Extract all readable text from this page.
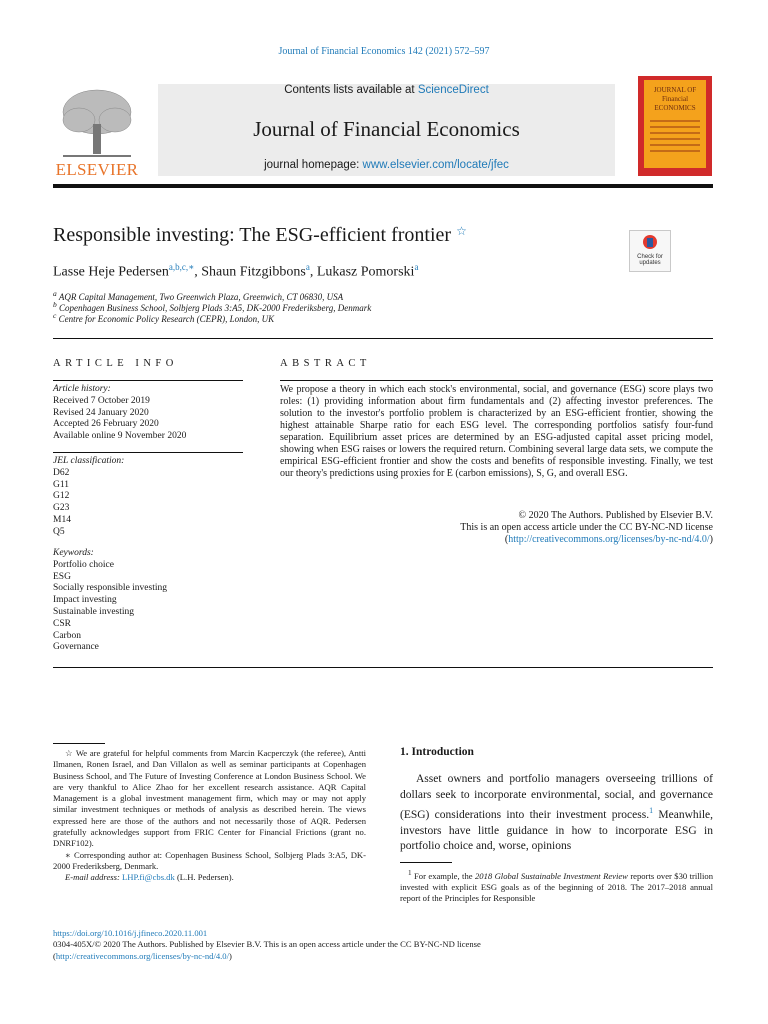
Journal of Financial Economics 142 (2021) 572–597
ELSEVIER
Contents lists available at ScienceDirect
Journal of Financial Economics
journal homepage: www.elsevier.com/locate/jfec
JOURNAL OF Financial ECONOMICS
Responsible investing: The ESG-efficient frontier ☆
Check for updates
Lasse Heje Pedersen$^{a,b,c,∗}$, Shaun Fitzgibbons$^a$, Lukasz Pomorski$^a$
$^a$ AQR Capital Management, Two Greenwich Plaza, Greenwich, CT 06830, USA
$^b$ Copenhagen Business School, Solbjerg Plads 3:A5, DK-2000 Frederiksberg, Denmark
$^c$ Centre for Economic Policy Research (CEPR), London, UK
ARTICLE INFO	ABSTRACT
Article history:
Received 7 October 2019
Revised 24 January 2020
Accepted 26 February 2020
Available online 9 November 2020
JEL classification:
D62
G11
G12
G23
M14
Q5
Keywords:
Portfolio choice
ESG
Socially responsible investing
Impact investing
Sustainable investing
CSR
Carbon
Governance
We propose a theory in which each stock's environmental, social, and governance (ESG) score plays two roles: (1) providing information about firm fundamentals and (2) affecting investor preferences. The solution to the investor's portfolio problem is characterized by an ESG-efficient frontier, showing the highest attainable Sharpe ratio for each ESG level. The corresponding portfolios satisfy four-fund separation. Equilibrium asset prices are determined by an ESG-adjusted capital asset pricing model, showing when ESG raises or lowers the required return. Combining several large data sets, we compute the empirical ESG-efficient frontier and show the costs and benefits of responsible investing. Finally, we test our theory's predictions using proxies for E (carbon emissions), S, G, and overall ESG.
© 2020 The Authors. Published by Elsevier B.V.
This is an open access article under the CC BY-NC-ND license
(http://creativecommons.org/licenses/by-nc-nd/4.0/)

☆ We are grateful for helpful comments from Marcin Kacperczyk (the referee), Antti Ilmanen, Ronen Israel, and Dan Villalon as well as seminar participants at Copenhagen Business School, and The Future of Investing Conference at London Business School. We are very thankful to Alice Zhao for her excellent research assistance. AQR Capital Management is a global investment management firm, which may or may not apply similar investment techniques or methods of analysis as described herein. The views expressed here are those of the authors and not necessarily those of AQR. Pedersen gratefully acknowledges support from FRIC Center for Financial Frictions (grant no. DNRF102).

∗ Corresponding author at: Copenhagen Business School, Solbjerg Plads 3:A5, DK-2000 Frederiksberg, Denmark.

E-mail address: LHP.fi@cbs.dk (L.H. Pedersen).

1. Introduction
Asset owners and portfolio managers overseeing trillions of dollars seek to incorporate environmental, social, and governance (ESG) considerations into their investment process.$^1$ Meanwhile, investors have little guidance in how to incorporate ESG in portfolio choice and, worse, opinions
$^1$ For example, the 2018 Global Sustainable Investment Review reports over $30 trillion invested with explicit ESG goals as of the beginning of 2018. The 2017–2018 annual report of the Principles for Responsible
https://doi.org/10.1016/j.jfineco.2020.11.001
0304-405X/© 2020 The Authors. Published by Elsevier B.V. This is an open access article under the CC BY-NC-ND license
(http://creativecommons.org/licenses/by-nc-nd/4.0/)
